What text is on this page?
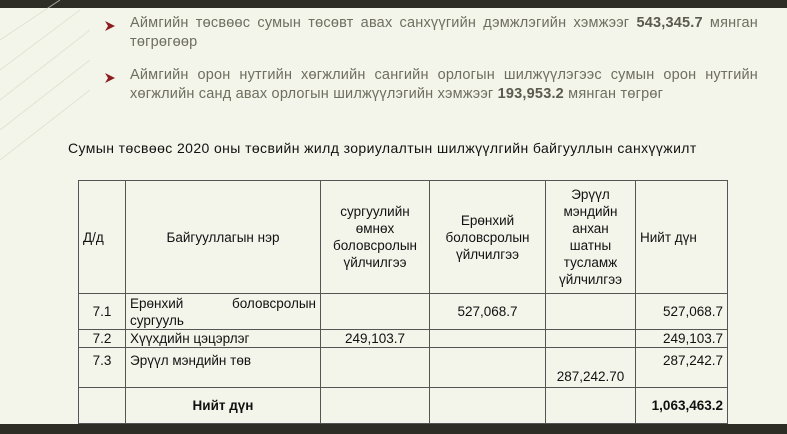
Аймгийн төсвөөс сумын төсөвт авах санхүүгийн дэмжлэгийн хэмжээг 543,345.7 мянган төгрөгөөр
Аймгийн орон нутгийн хөгжлийн сангийн орлогын шилжүүлэгээс сумын орон нутгийн хөгжлийн санд авах орлогын шилжүүлэгийн хэмжээг 193,953.2 мянган төгрөг
Сумын төсвөөс 2020 оны төсвийн жилд зориулалтын шилжүүлгийн байгууллын санхүүжилт
Д/д	Байгууллагын нэр	сургуулийн өмнөх боловсролын үйлчилгээ	Ерөнхий боловсролын үйлчилгээ	Эрүүл мэндийн анхан шатны тусламж үйлчилгээ	Нийт дүн
7.1	Ерөнхий боловсролын сургууль		527,068.7		527,068.7
7.2	Хүүхдийн цэцэрлэг	249,103.7			249,103.7
7.3	Эрүүл мэндийн төв			287,242.70	287,242.7
	Нийт дүн				1,063,463.2
